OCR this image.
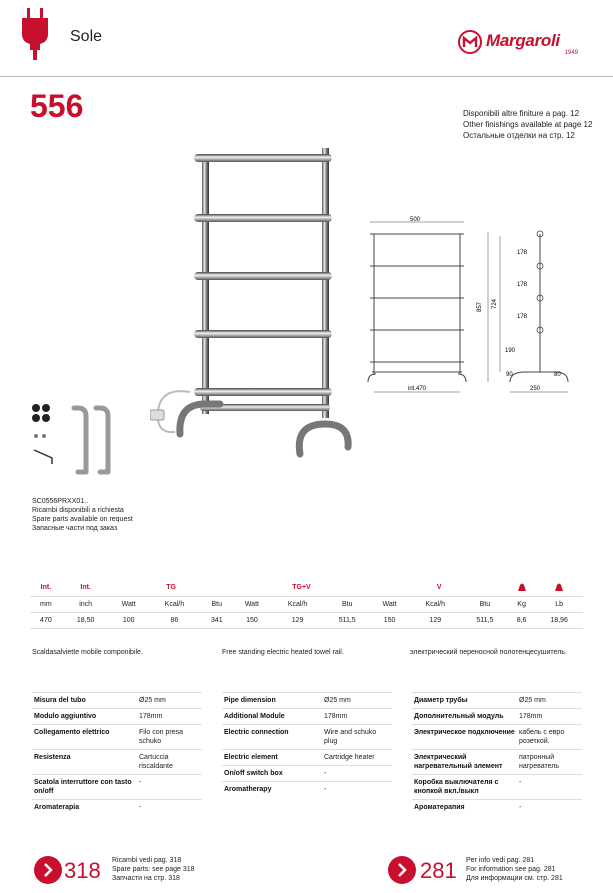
Sole	Margaroli
1949
556	Disponibili altre finiture a pag. 12
Other finishings available at page 12
Остальные отделки на стр. 12
500
int.470
857 724
178
178
178
190
90	80
250
SC0556PRXX01..
Ricambi disponibili a richiesta
Spare parts available on request
Запасные части под заказ
Int.	Int.	TG			TG+V			V		
mm	inch	Watt	Kcal/h	Btu	Watt	Kcal/h	Btu	Watt	Kcal/h	Btu	Kg	Lb
470	18,50	100	86	341	150	129	511,5	150	129	511,5	8,6	18,96
Scaldasalviette mobile componibile.	Free standing electric heated towel rail.	электрический переносной полотенцесушитель.
Misura del tubo	Ø25 mm
Modulo aggiuntivo	178mm
Collegamento elettrico	Filo con presa schuko
Resistenza	Cartuccia riscaldante
Scatola interruttore con tasto on/off	-
Aromaterapia	-
Pipe dimension	Ø25 mm
Additional Module	178mm
Electric connection	Wire and schuko plug
Electric element	Cartridge heater
On/off switch box	-
Aromatherapy	-
Диаметр трубы	Ø25 mm
Дополнительный модуль	178mm
Электрическое подключение	кабель с евро розеткой.
Электрический нагревательный элемент	патронный нагреватель
Коробка выключателя с кнопкой вкл./выкл	-
Ароматерапия	-
318 Ricambi vedi pag. 318
Spare parts: see page 318
Запчасти на стр. 318	281 Per info vedi pag. 281
For information see pag. 281
Для информации см. стр. 281
